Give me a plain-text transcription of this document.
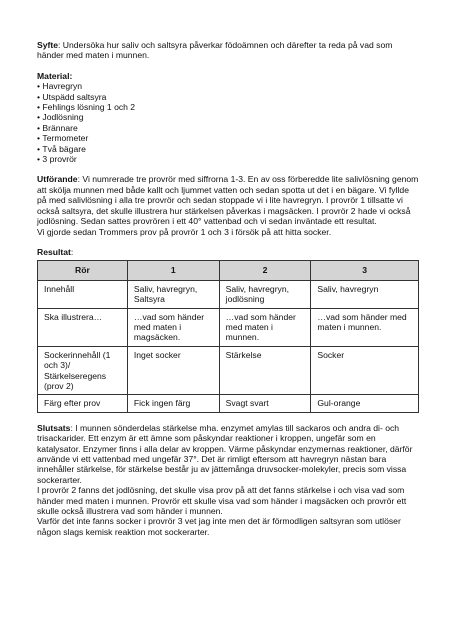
Syfte: Undersöka hur saliv och saltsyra påverkar födoämnen och därefter ta reda på vad som händer med maten i munnen.

Material:

• Havregryn
• Utspädd saltsyra
• Fehlings lösning 1 och 2
• Jodlösning
• Brännare
• Termometer
• Två bägare
• 3 provrör

Utförande: Vi numrerade tre provrör med siffrorna 1-3. En av oss förberedde lite salivlösning genom att skölja munnen med både kallt och ljummet vatten och sedan spotta ut det i en bägare. Vi fyllde på med salivlösning i alla tre provrör och sedan stoppade vi i lite havregryn. I provrör 1 tillsatte vi också saltsyra, det skulle illustrera hur stärkelsen påverkas i magsäcken. I provrör 2 hade vi också jodlösning. Sedan sattes provrören i ett 40° vattenbad och vi sedan inväntade ett resultat.

Vi gjorde sedan Trommers prov på provrör 1 och 3 i försök på att hitta socker.

Resultat:

Rör	1	2	3
Innehåll	Saliv, havregryn, Saltsyra	Saliv, havregryn, jodlösning	Saliv, havregryn
Ska illustrera…	…vad som händer med maten i magsäcken.	…vad som händer med maten i munnen.	…vad som händer med maten i munnen.
Sockerinnehåll (1 och 3)/ Stärkelseregens (prov 2)	Inget socker	Stärkelse	Socker
Färg efter prov	Fick ingen färg	Svagt svart	Gul-orange

Slutsats: I munnen sönderdelas stärkelse mha. enzymet amylas till sackaros och andra di- och trisackarider. Ett enzym är ett ämne som påskyndar reaktioner i kroppen, ungefär som en katalysator. Enzymer finns i alla delar av kroppen. Värme påskyndar enzymernas reaktioner, därför använde vi ett vattenbad med ungefär 37°. Det är rimligt eftersom att havregryn nästan bara innehåller stärkelse, för stärkelse består ju av jättemånga druvsocker-molekyler, precis som vissa sockerarter.

I provrör 2 fanns det jodlösning, det skulle visa prov på att det fanns stärkelse i och visa vad som händer med maten i munnen. Provrör ett skulle visa vad som händer i magsäcken och provrör ett skulle också illustrera vad som händer i munnen.

Varför det inte fanns socker i provrör 3 vet jag inte men det är förmodligen saltsyran som utlöser någon slags kemisk reaktion mot sockerarter.
